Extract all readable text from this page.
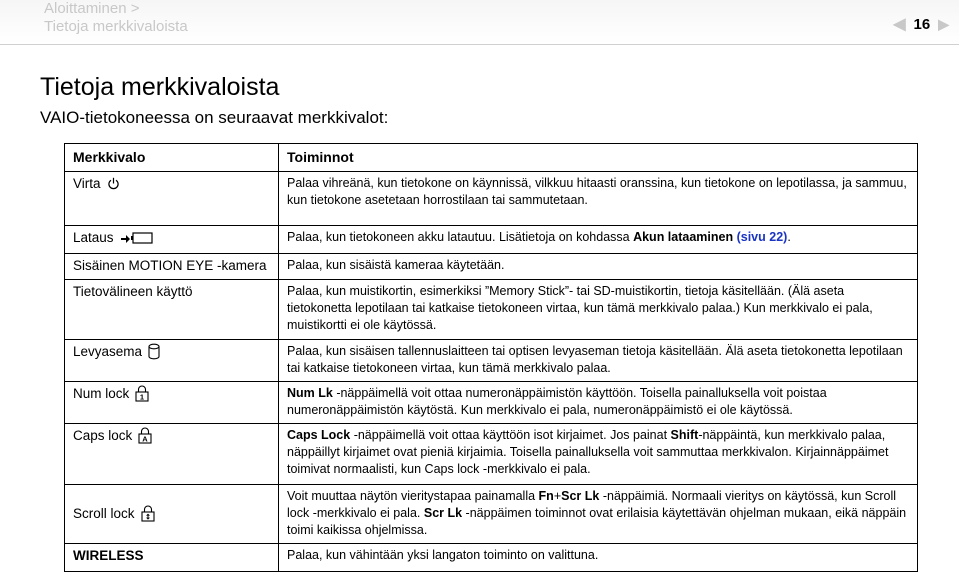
Aloittaminen >
Tietoja merkkivaloista	◀ 16 ▶
Tietoja merkkivaloista
VAIO-tietokoneessa on seuraavat merkkivalot:
Merkkivalo	Toiminnot

Virta	Palaa vihreänä, kun tietokone on käynnissä, vilkkuu hitaasti oranssina, kun tietokone on lepotilassa, ja sammuu, kun tietokone asetetaan horrostilaan tai sammutetaan.

Lataus	Palaa, kun tietokoneen akku latautuu. Lisätietoja on kohdassa Akun lataaminen (sivu 22).

Sisäinen MOTION EYE -kamera	Palaa, kun sisäistä kameraa käytetään.

Tietovälineen käyttö	Palaa, kun muistikortin, esimerkiksi ”Memory Stick”- tai SD-muistikortin, tietoja käsitellään. (Älä aseta tietokonetta lepotilaan tai katkaise tietokoneen virtaa, kun tämä merkkivalo palaa.) Kun merkkivalo ei pala, muistikortti ei ole käytössä.

Levyasema	Palaa, kun sisäisen tallennuslaitteen tai optisen levyaseman tietoja käsitellään. Älä aseta tietokonetta lepotilaan tai katkaise tietokoneen virtaa, kun tämä merkkivalo palaa.

Num lock 1	Num Lk -näppäimellä voit ottaa numeronäppäimistön käyttöön. Toisella painalluksella voit poistaa numeronäppäimistön käytöstä. Kun merkkivalo ei pala, numeronäppäimistö ei ole käytössä.

Caps lock A	Caps Lock -näppäimellä voit ottaa käyttöön isot kirjaimet. Jos painat Shift-näppäintä, kun merkkivalo palaa, näppäillyt kirjaimet ovat pieniä kirjaimia. Toisella painalluksella voit sammuttaa merkkivalon. Kirjainnäppäimet toimivat normaalisti, kun Caps lock -merkkivalo ei pala.

Scroll lock	Voit muuttaa näytön vieritystapaa painamalla Fn+Scr Lk -näppäimiä. Normaali vieritys on käytössä, kun Scroll lock -merkkivalo ei pala. Scr Lk -näppäimen toiminnot ovat erilaisia käytettävän ohjelman mukaan, eikä näppäin toimi kaikissa ohjelmissa.

WIRELESS	Palaa, kun vähintään yksi langaton toiminto on valittuna.
